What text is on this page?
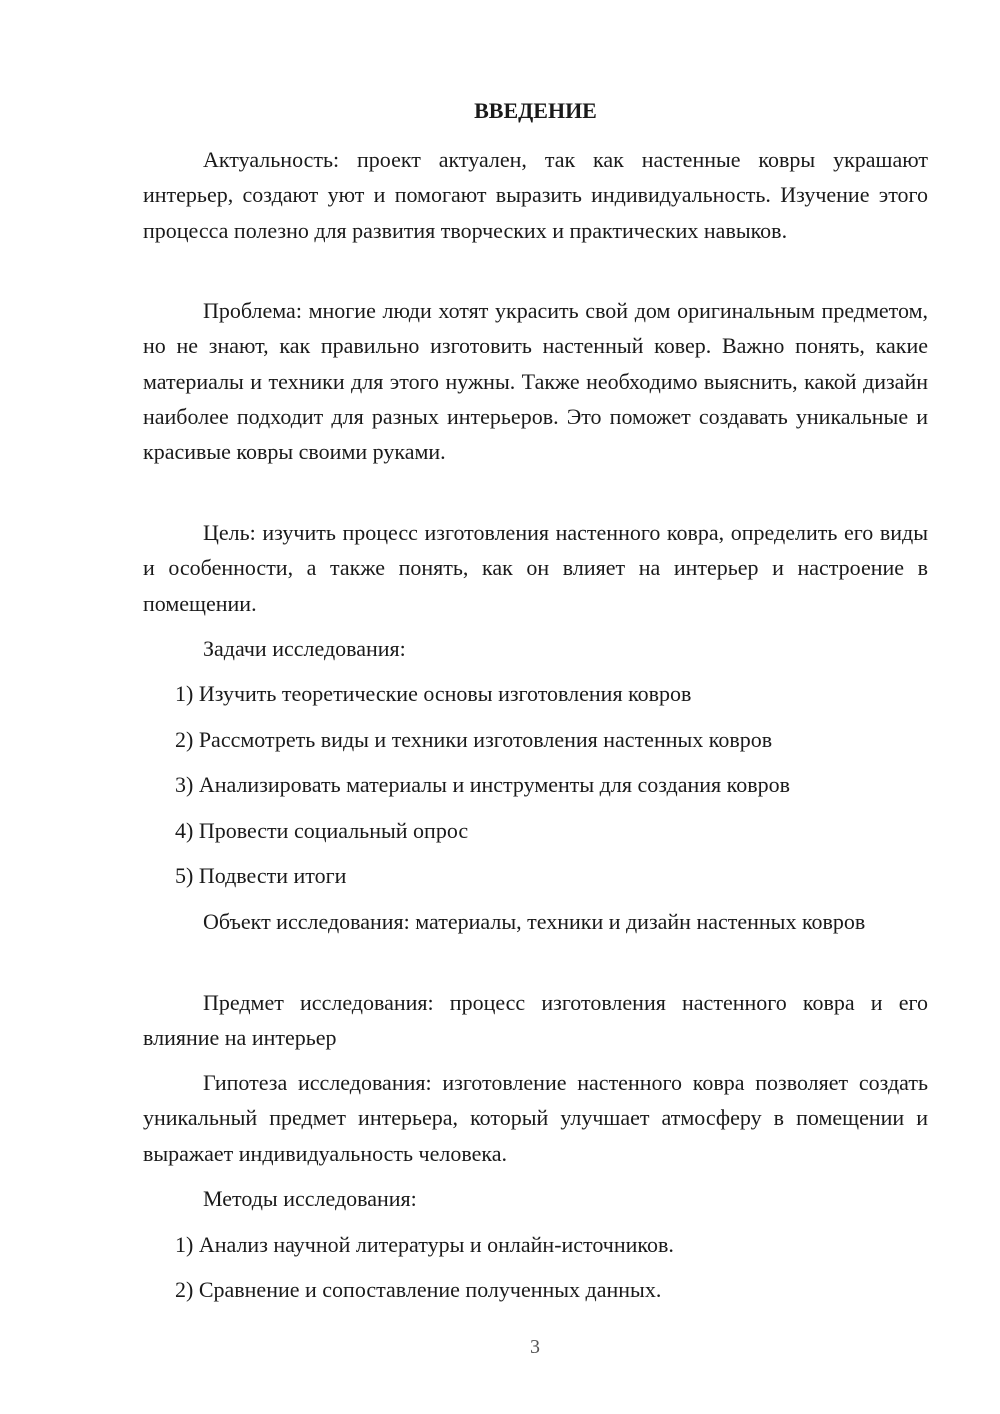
ВВЕДЕНИЕ

Актуальность: проект актуален, так как настенные ковры украшают интерьер, создают уют и помогают выразить индивидуальность. Изучение этого процесса полезно для развития творческих и практических навыков.

Проблема: многие люди хотят украсить свой дом оригинальным предметом, но не знают, как правильно изготовить настенный ковер. Важно понять, какие материалы и техники для этого нужны. Также необходимо выяснить, какой дизайн наиболее подходит для разных интерьеров. Это поможет создавать уникальные и красивые ковры своими руками.

Цель: изучить процесс изготовления настенного ковра, определить его виды и особенности, а также понять, как он влияет на интерьер и настроение в помещении.

Задачи исследования:

1) Изучить теоретические основы изготовления ковров

2) Рассмотреть виды и техники изготовления настенных ковров

3) Анализировать материалы и инструменты для создания ковров

4) Провести социальный опрос

5) Подвести итоги

Объект исследования: материалы, техники и дизайн настенных ковров

Предмет исследования: процесс изготовления настенного ковра и его влияние на интерьер

Гипотеза исследования: изготовление настенного ковра позволяет создать уникальный предмет интерьера, который улучшает атмосферу в помещении и выражает индивидуальность человека.

Методы исследования:

1) Анализ научной литературы и онлайн-источников.

2) Сравнение и сопоставление полученных данных.

3
